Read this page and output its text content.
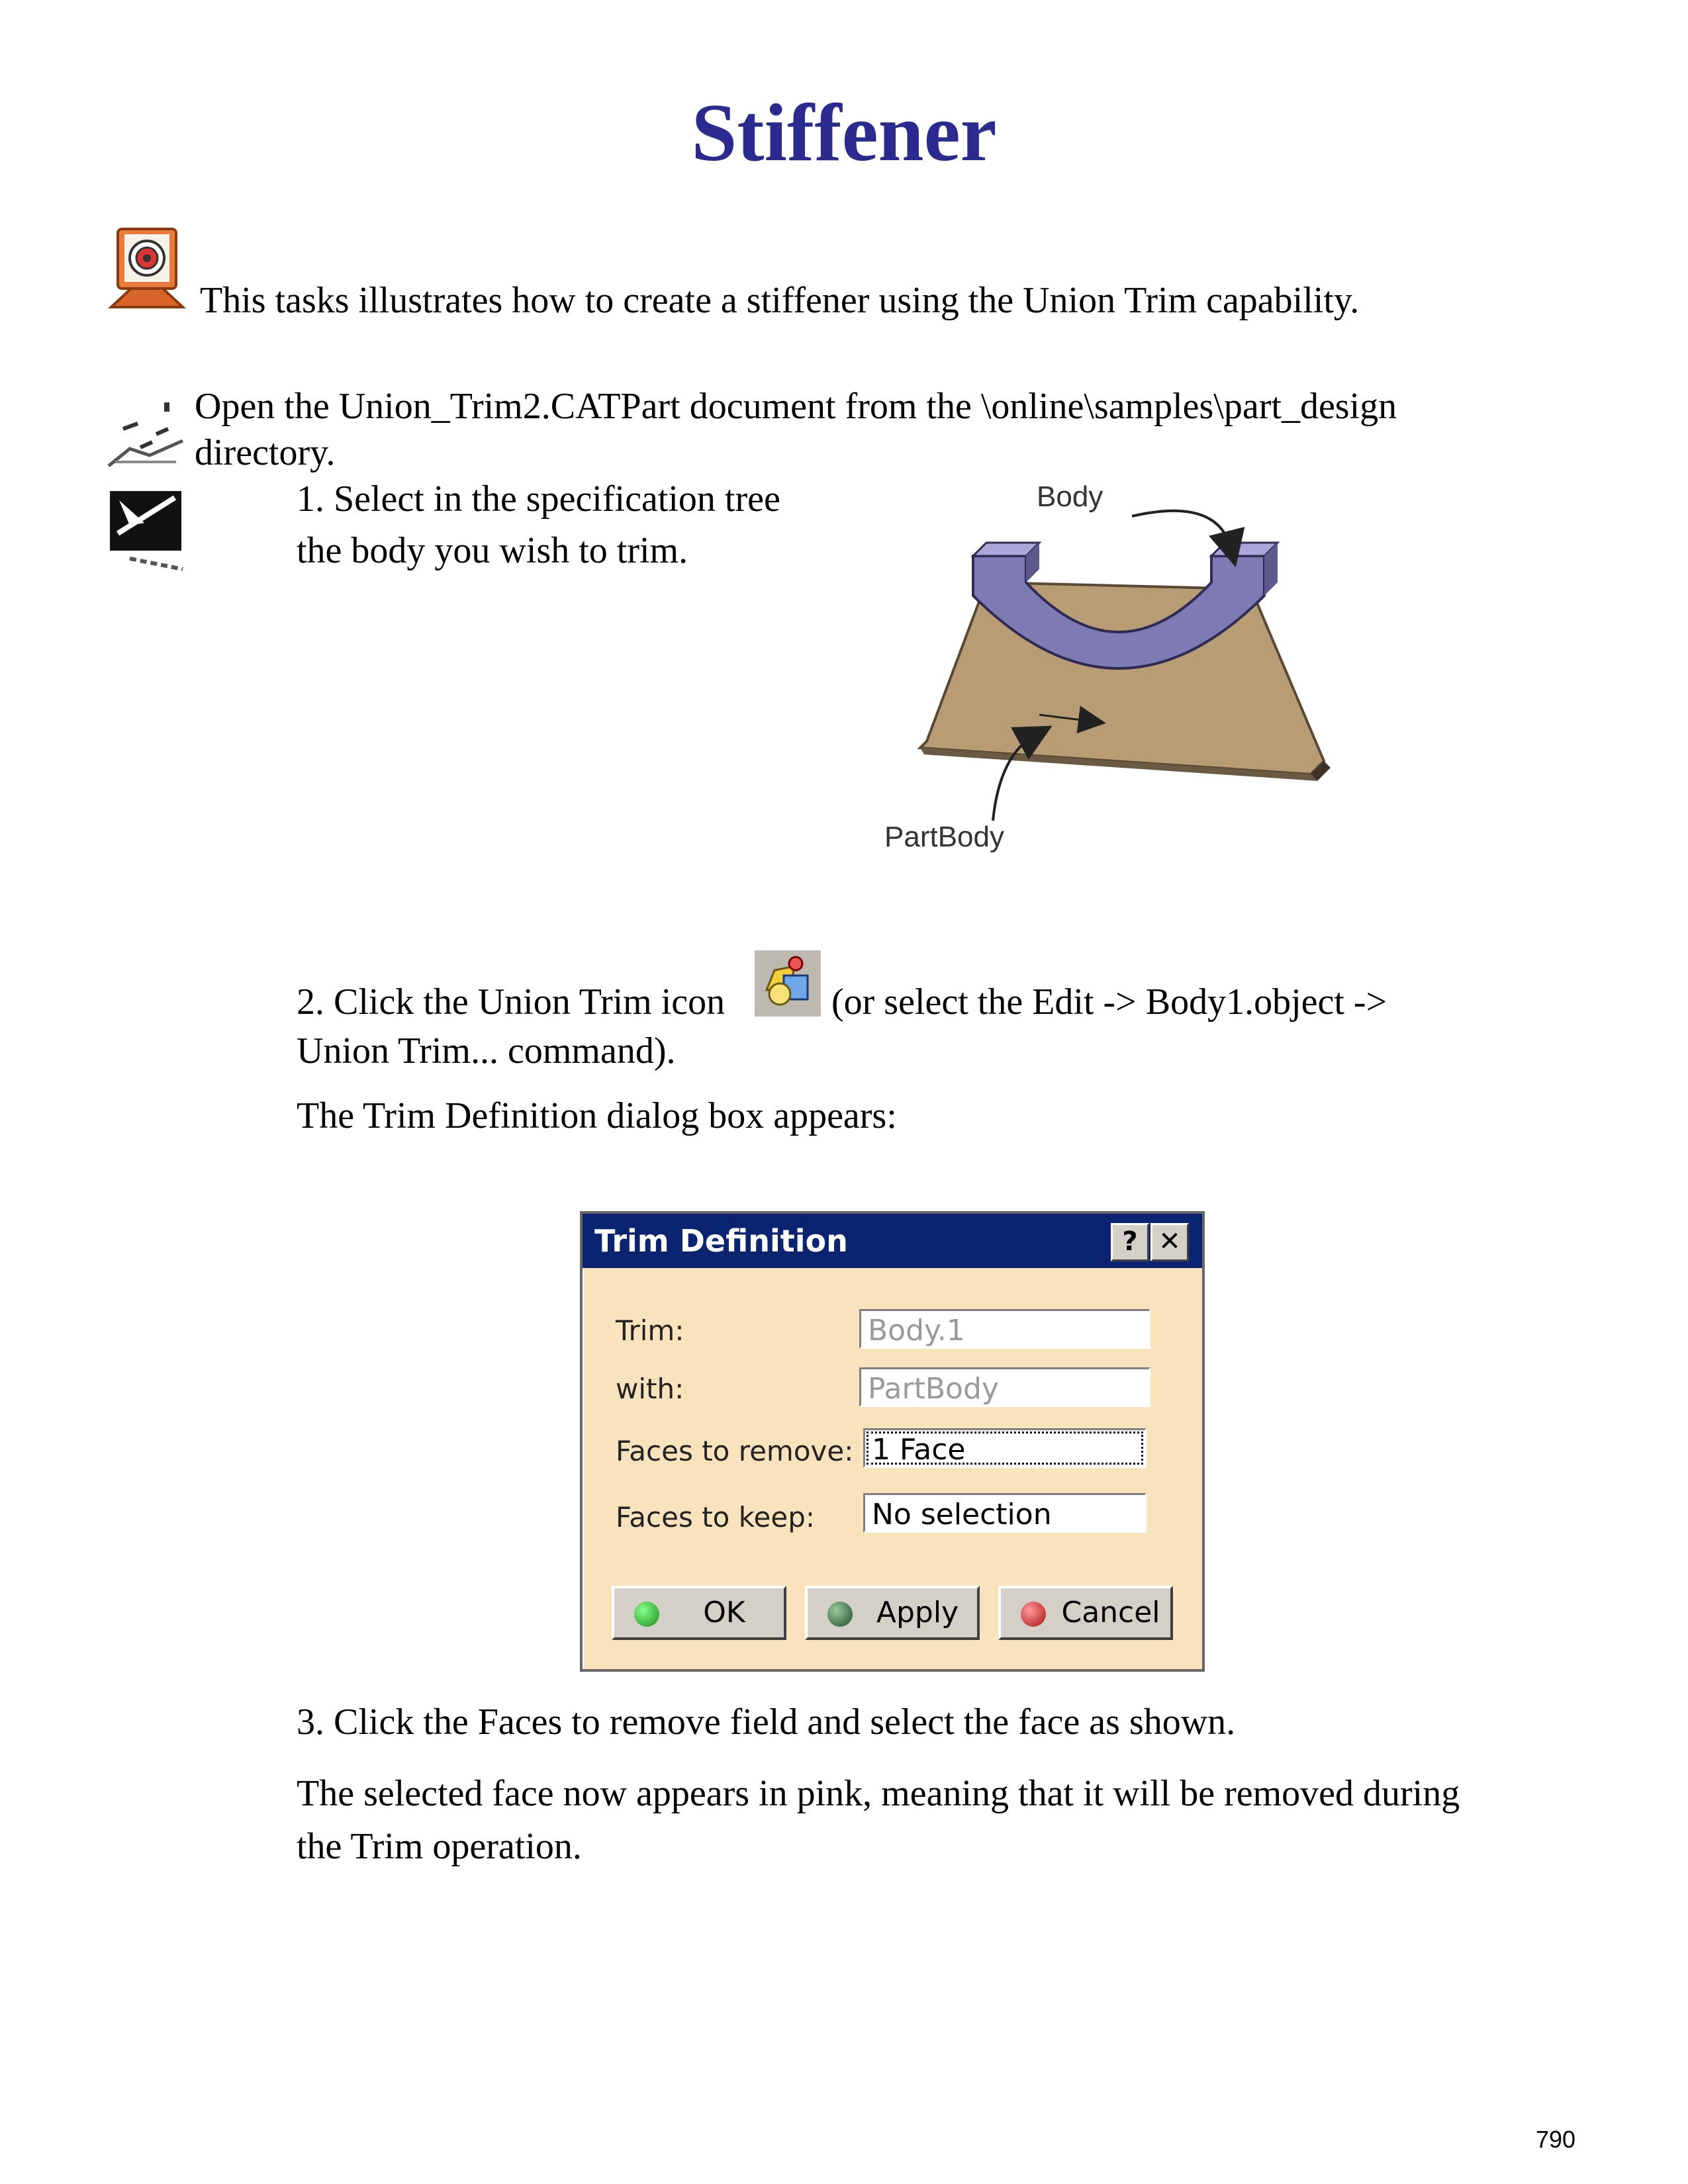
Stiffener
This tasks illustrates how to create a stiffener using the Union Trim capability.
Open the Union_Trim2.CATPart document from the \online\samples\part_design
directory.
1. Select in the specification tree
the body you wish to trim.
Body
PartBody
2. Click the Union Trim icon	(or select the Edit -> Body1.object ->
Union Trim... command).
The Trim Definition dialog box appears:
Trim Definition	? ✕
Trim:	Body.1
with:	PartBody
Faces to remove: 1 Face
Faces to keep: No selection
OK	Apply	Cancel
3. Click the Faces to remove field and select the face as shown.
The selected face now appears in pink, meaning that it will be removed during
the Trim operation.
790
